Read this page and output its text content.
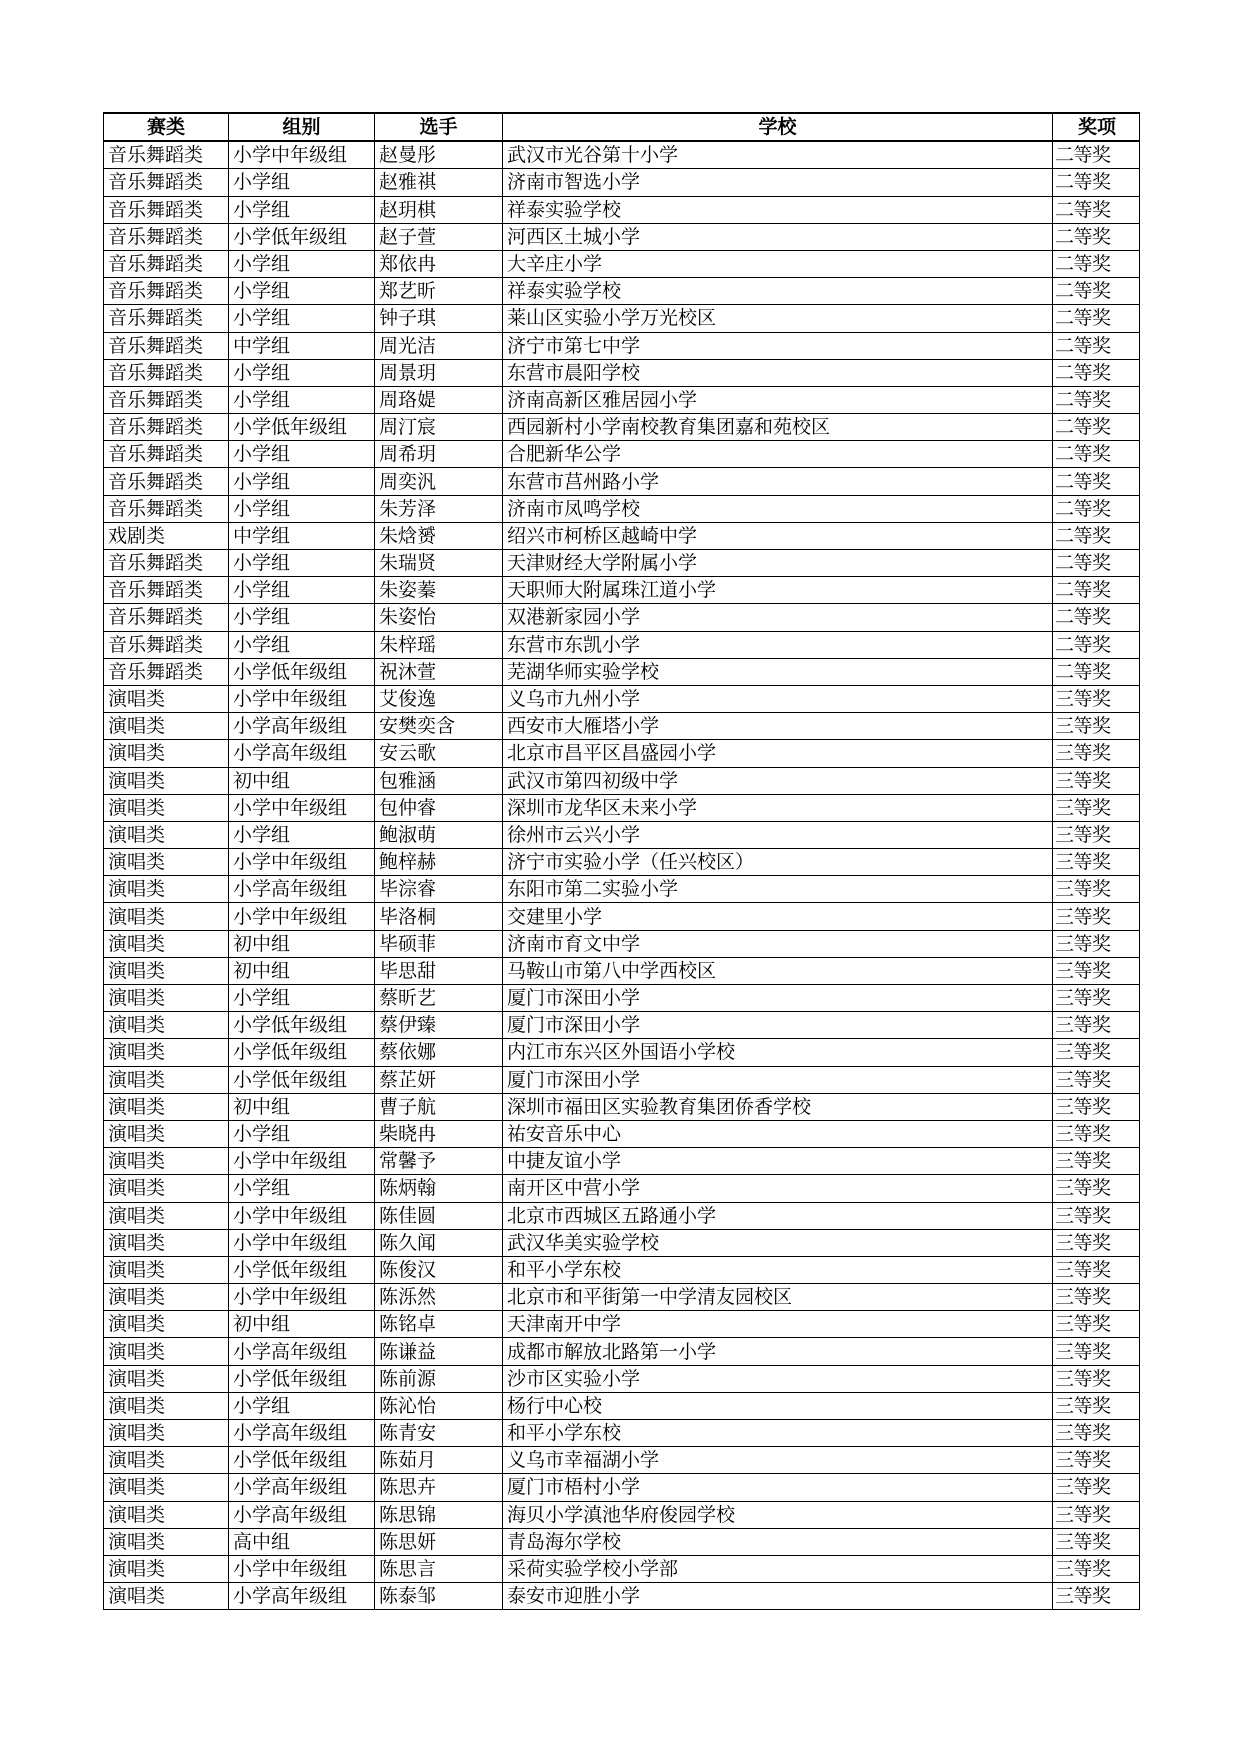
赛类	组别	选手	学校	奖项
音乐舞蹈类	小学中年级组	赵曼彤	武汉市光谷第十小学	二等奖
音乐舞蹈类	小学组	赵雅祺	济南市智选小学	二等奖
音乐舞蹈类	小学组	赵玥棋	祥泰实验学校	二等奖
音乐舞蹈类	小学低年级组	赵子萱	河西区土城小学	二等奖
音乐舞蹈类	小学组	郑依冉	大辛庄小学	二等奖
音乐舞蹈类	小学组	郑艺昕	祥泰实验学校	二等奖
音乐舞蹈类	小学组	钟子琪	莱山区实验小学万光校区	二等奖
音乐舞蹈类	中学组	周光洁	济宁市第七中学	二等奖
音乐舞蹈类	小学组	周景玥	东营市晨阳学校	二等奖
音乐舞蹈类	小学组	周珞媞	济南高新区雅居园小学	二等奖
音乐舞蹈类	小学低年级组	周汀宸	西园新村小学南校教育集团嘉和苑校区	二等奖
音乐舞蹈类	小学组	周希玥	合肥新华公学	二等奖
音乐舞蹈类	小学组	周奕汎	东营市莒州路小学	二等奖
音乐舞蹈类	小学组	朱芳泽	济南市凤鸣学校	二等奖
戏剧类	中学组	朱焓赟	绍兴市柯桥区越崎中学	二等奖
音乐舞蹈类	小学组	朱瑞贤	天津财经大学附属小学	二等奖
音乐舞蹈类	小学组	朱姿蓁	天职师大附属珠江道小学	二等奖
音乐舞蹈类	小学组	朱姿怡	双港新家园小学	二等奖
音乐舞蹈类	小学组	朱梓瑶	东营市东凯小学	二等奖
音乐舞蹈类	小学低年级组	祝沐萱	芜湖华师实验学校	二等奖
演唱类	小学中年级组	艾俊逸	义乌市九州小学	三等奖
演唱类	小学高年级组	安樊奕含	西安市大雁塔小学	三等奖
演唱类	小学高年级组	安云歌	北京市昌平区昌盛园小学	三等奖
演唱类	初中组	包雅涵	武汉市第四初级中学	三等奖
演唱类	小学中年级组	包仲睿	深圳市龙华区未来小学	三等奖
演唱类	小学组	鲍淑萌	徐州市云兴小学	三等奖
演唱类	小学中年级组	鲍梓赫	济宁市实验小学（任兴校区）	三等奖
演唱类	小学高年级组	毕淙睿	东阳市第二实验小学	三等奖
演唱类	小学中年级组	毕洛桐	交建里小学	三等奖
演唱类	初中组	毕硕菲	济南市育文中学	三等奖
演唱类	初中组	毕思甜	马鞍山市第八中学西校区	三等奖
演唱类	小学组	蔡昕艺	厦门市深田小学	三等奖
演唱类	小学低年级组	蔡伊臻	厦门市深田小学	三等奖
演唱类	小学低年级组	蔡依娜	内江市东兴区外国语小学校	三等奖
演唱类	小学低年级组	蔡芷妍	厦门市深田小学	三等奖
演唱类	初中组	曹子航	深圳市福田区实验教育集团侨香学校	三等奖
演唱类	小学组	柴晓冉	祐安音乐中心	三等奖
演唱类	小学中年级组	常馨予	中捷友谊小学	三等奖
演唱类	小学组	陈炳翰	南开区中营小学	三等奖
演唱类	小学中年级组	陈佳圆	北京市西城区五路通小学	三等奖
演唱类	小学中年级组	陈久闻	武汉华美实验学校	三等奖
演唱类	小学低年级组	陈俊汉	和平小学东校	三等奖
演唱类	小学中年级组	陈泺然	北京市和平街第一中学清友园校区	三等奖
演唱类	初中组	陈铭卓	天津南开中学	三等奖
演唱类	小学高年级组	陈谦益	成都市解放北路第一小学	三等奖
演唱类	小学低年级组	陈前源	沙市区实验小学	三等奖
演唱类	小学组	陈沁怡	杨行中心校	三等奖
演唱类	小学高年级组	陈青安	和平小学东校	三等奖
演唱类	小学低年级组	陈茹月	义乌市幸福湖小学	三等奖
演唱类	小学高年级组	陈思卉	厦门市梧村小学	三等奖
演唱类	小学高年级组	陈思锦	海贝小学滇池华府俊园学校	三等奖
演唱类	高中组	陈思妍	青岛海尔学校	三等奖
演唱类	小学中年级组	陈思言	采荷实验学校小学部	三等奖
演唱类	小学高年级组	陈泰邹	泰安市迎胜小学	三等奖
